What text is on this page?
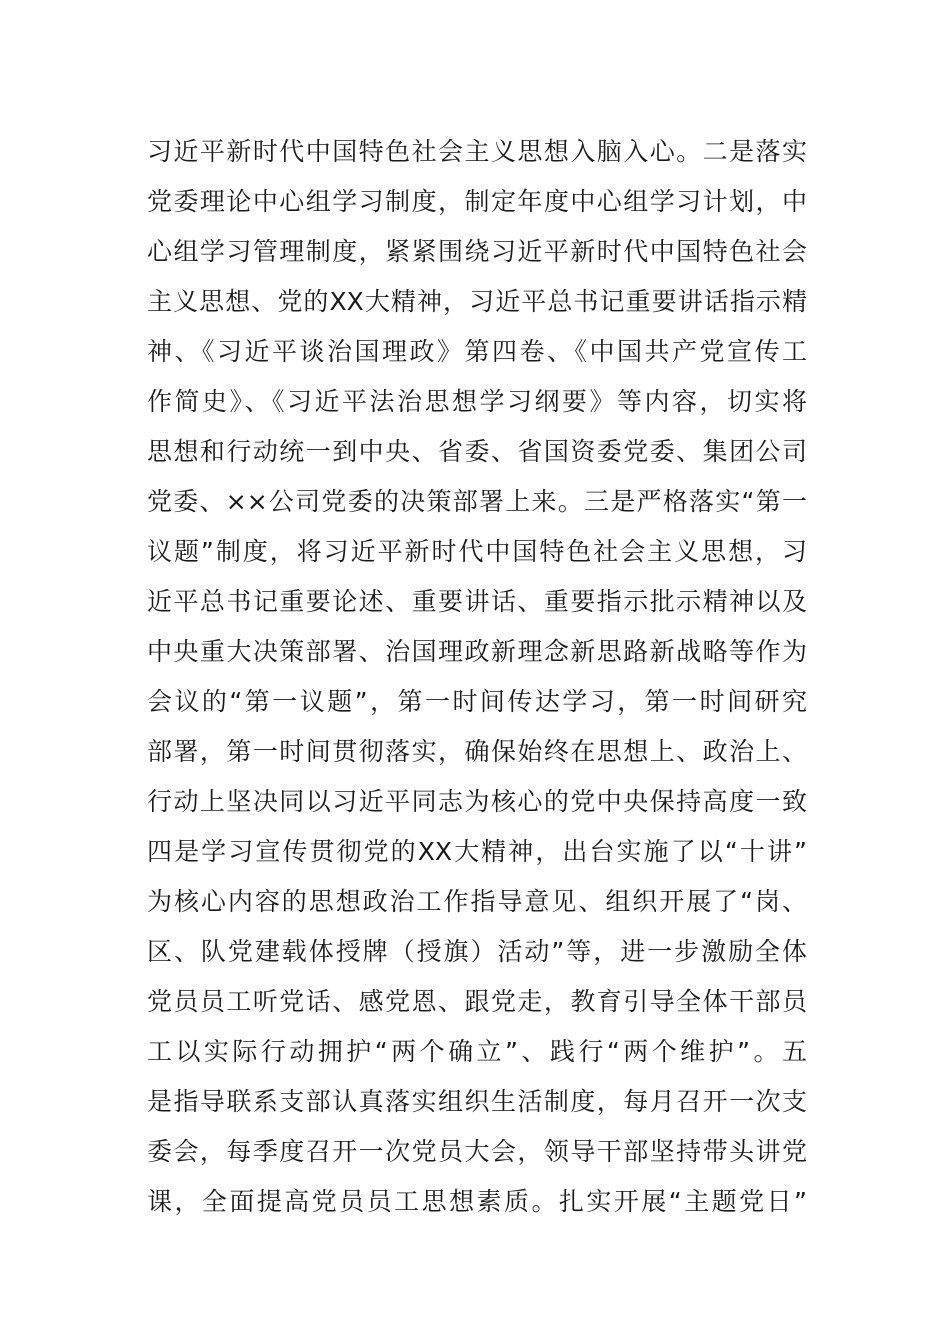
习近平新时代中国特色社会主义思想入脑入心。二是落实
党委理论中心组学习制度，制定年度中心组学习计划，中
心组学习管理制度，紧紧围绕习近平新时代中国特色社会
主义思想、党的XX大精神，习近平总书记重要讲话指示精
神、《习近平谈治国理政》第四卷、《中国共产党宣传工
作简史》、《习近平法治思想学习纲要》等内容，切实将
思想和行动统一到中央、省委、省国资委党委、集团公司
党委、××公司党委的决策部署上来。三是严格落实“第一
议题”制度，将习近平新时代中国特色社会主义思想，习
近平总书记重要论述、重要讲话、重要指示批示精神以及
中央重大决策部署、治国理政新理念新思路新战略等作为
会议的“第一议题”，第一时间传达学习，第一时间研究
部署，第一时间贯彻落实，确保始终在思想上、政治上、
行动上坚决同以习近平同志为核心的党中央保持高度一致
四是学习宣传贯彻党的XX大精神，出台实施了以“十讲”
为核心内容的思想政治工作指导意见、组织开展了“岗、
区、队党建载体授牌（授旗）活动”等，进一步激励全体
党员员工听党话、感党恩、跟党走，教育引导全体干部员
工以实际行动拥护“两个确立”、践行“两个维护”。五
是指导联系支部认真落实组织生活制度，每月召开一次支
委会，每季度召开一次党员大会，领导干部坚持带头讲党
课，全面提高党员员工思想素质。扎实开展“主题党日”
